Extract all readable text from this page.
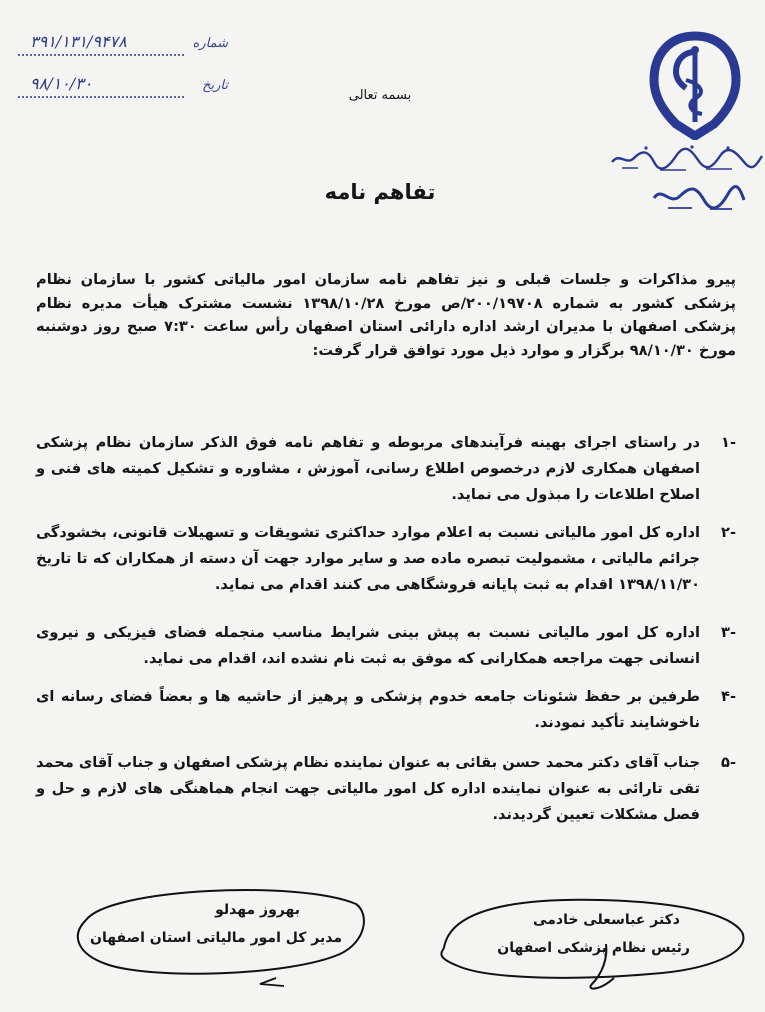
۳۹۱/۱۳۱/۹۴۷۸	شماره
۹۸/۱۰/۳۰	تاریخ
بسمه تعالی
تفاهم نامه

پیرو مذاکرات و جلسات قبلی و نیز تفاهم نامه سازمان امور مالیاتی کشور با سازمان نظام پزشکی کشور به شماره ۲۰۰/۱۹۷۰۸/ص مورخ ۱۳۹۸/۱۰/۲۸ نشست مشترک هیأت مدیره نظام پزشکی اصفهان با مدیران ارشد اداره دارائی استان اصفهان رأس ساعت ۷:۳۰ صبح روز دوشنبه مورخ ۹۸/۱۰/۳۰ برگزار و موارد ذیل مورد توافق قرار گرفت:

-۱
در راستای اجرای بهینه فرآیندهای مربوطه و تفاهم نامه فوق الذکر سازمان نظام پزشکی اصفهان همکاری لازم درخصوص اطلاع رسانی، آموزش ، مشاوره و تشکیل کمیته های فنی و اصلاح اطلاعات را مبذول می نماید.
-۲
اداره کل امور مالیاتی نسبت به اعلام موارد حداکثری تشویقات و تسهیلات قانونی، بخشودگی جرائم مالیاتی ، مشمولیت تبصره ماده صد و سایر موارد جهت آن دسته از همکاران که تا تاریخ ۱۳۹۸/۱۱/۳۰ اقدام به ثبت پایانه فروشگاهی می کنند اقدام می نماید.
-۳
اداره کل امور مالیاتی نسبت به پیش بینی شرایط مناسب منجمله فضای فیزیکی و نیروی انسانی جهت مراجعه همکارانی که موفق به ثبت نام نشده اند، اقدام می نماید.
-۴
طرفین بر حفظ شئونات جامعه خدوم پزشکی و پرهیز از حاشیه ها و بعضاً فضای رسانه ای ناخوشایند تأکید نمودند.
-۵
جناب آقای دکتر محمد حسن بقائی به عنوان نماینده نظام پزشکی اصفهان و جناب آقای محمد تقی تارائی به عنوان نماینده اداره کل امور مالیاتی جهت انجام هماهنگی های لازم و حل و فصل مشکلات تعیین گردیدند.
بهروز مهدلو
مدیر کل امور مالیاتی استان اصفهان
دکتر عباسعلی خادمی
رئیس نظام پزشکی اصفهان
